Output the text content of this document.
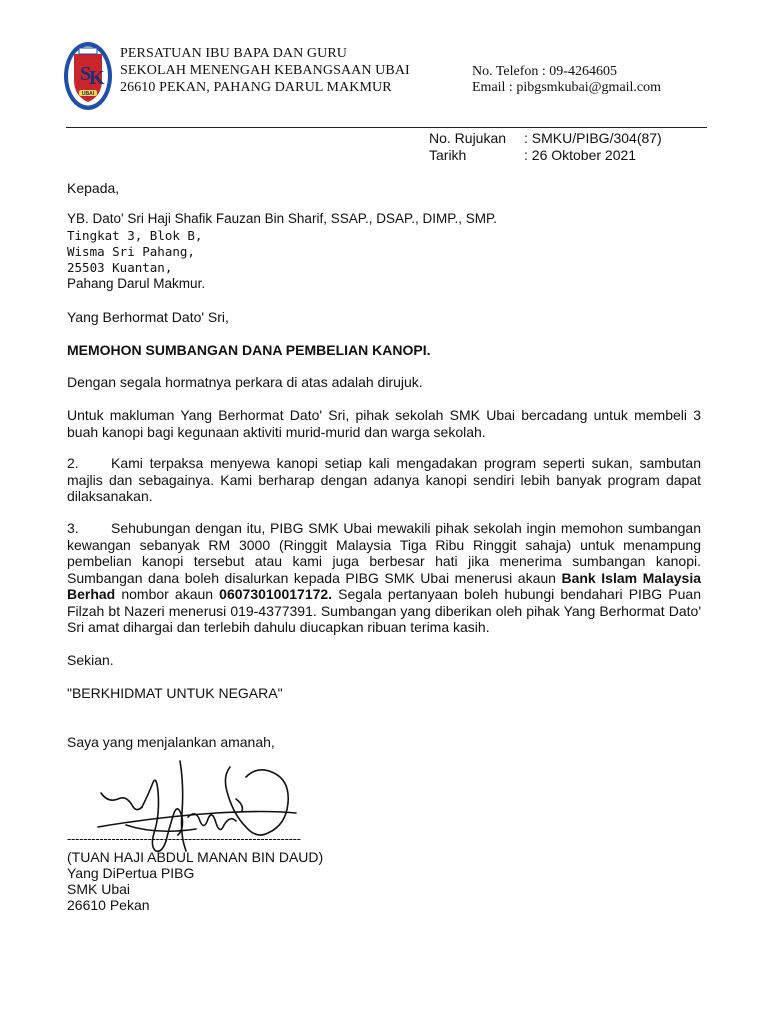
S
K
UBAI
PERSATUAN IBU BAPA DAN GURU
SEKOLAH MENENGAH KEBANGSAAN UBAI
26610 PEKAN, PAHANG DARUL MAKMUR
No. Telefon : 09-4264605
Email : pibgsmkubai@gmail.com
No. Rujukan : SMKU/PIBG/304(87)
Tarikh	: 26 Oktober 2021
Kepada,
YB. Dato' Sri Haji Shafik Fauzan Bin Sharif, SSAP., DSAP., DIMP., SMP.
Tingkat 3, Blok B,
Wisma Sri Pahang,
25503 Kuantan,
Pahang Darul Makmur.
Yang Berhormat Dato' Sri,
MEMOHON SUMBANGAN DANA PEMBELIAN KANOPI.
Dengan segala hormatnya perkara di atas adalah dirujuk.
Untuk makluman Yang Berhormat Dato' Sri, pihak sekolah SMK Ubai bercadang untuk membeli 3 buah kanopi bagi kegunaan aktiviti murid-murid dan warga sekolah.
2. Kami terpaksa menyewa kanopi setiap kali mengadakan program seperti sukan, sambutan majlis dan sebagainya. Kami berharap dengan adanya kanopi sendiri lebih banyak program dapat dilaksanakan.
3. Sehubungan dengan itu, PIBG SMK Ubai mewakili pihak sekolah ingin memohon sumbangan kewangan sebanyak RM 3000 (Ringgit Malaysia Tiga Ribu Ringgit sahaja) untuk menampung pembelian kanopi tersebut atau kami juga berbesar hati jika menerima sumbangan kanopi. Sumbangan dana boleh disalurkan kepada PIBG SMK Ubai menerusi akaun Bank Islam Malaysia Berhad nombor akaun 06073010017172. Segala pertanyaan boleh hubungi bendahari PIBG Puan Filzah bt Nazeri menerusi 019-4377391. Sumbangan yang diberikan oleh pihak Yang Berhormat Dato' Sri amat dihargai dan terlebih dahulu diucapkan ribuan terima kasih.
Sekian.
"BERKHIDMAT UNTUK NEGARA"
Saya yang menjalankan amanah,
----------------------------------------------------------
(TUAN HAJI ABDUL MANAN BIN DAUD)
Yang DiPertua PIBG
SMK Ubai
26610 Pekan
